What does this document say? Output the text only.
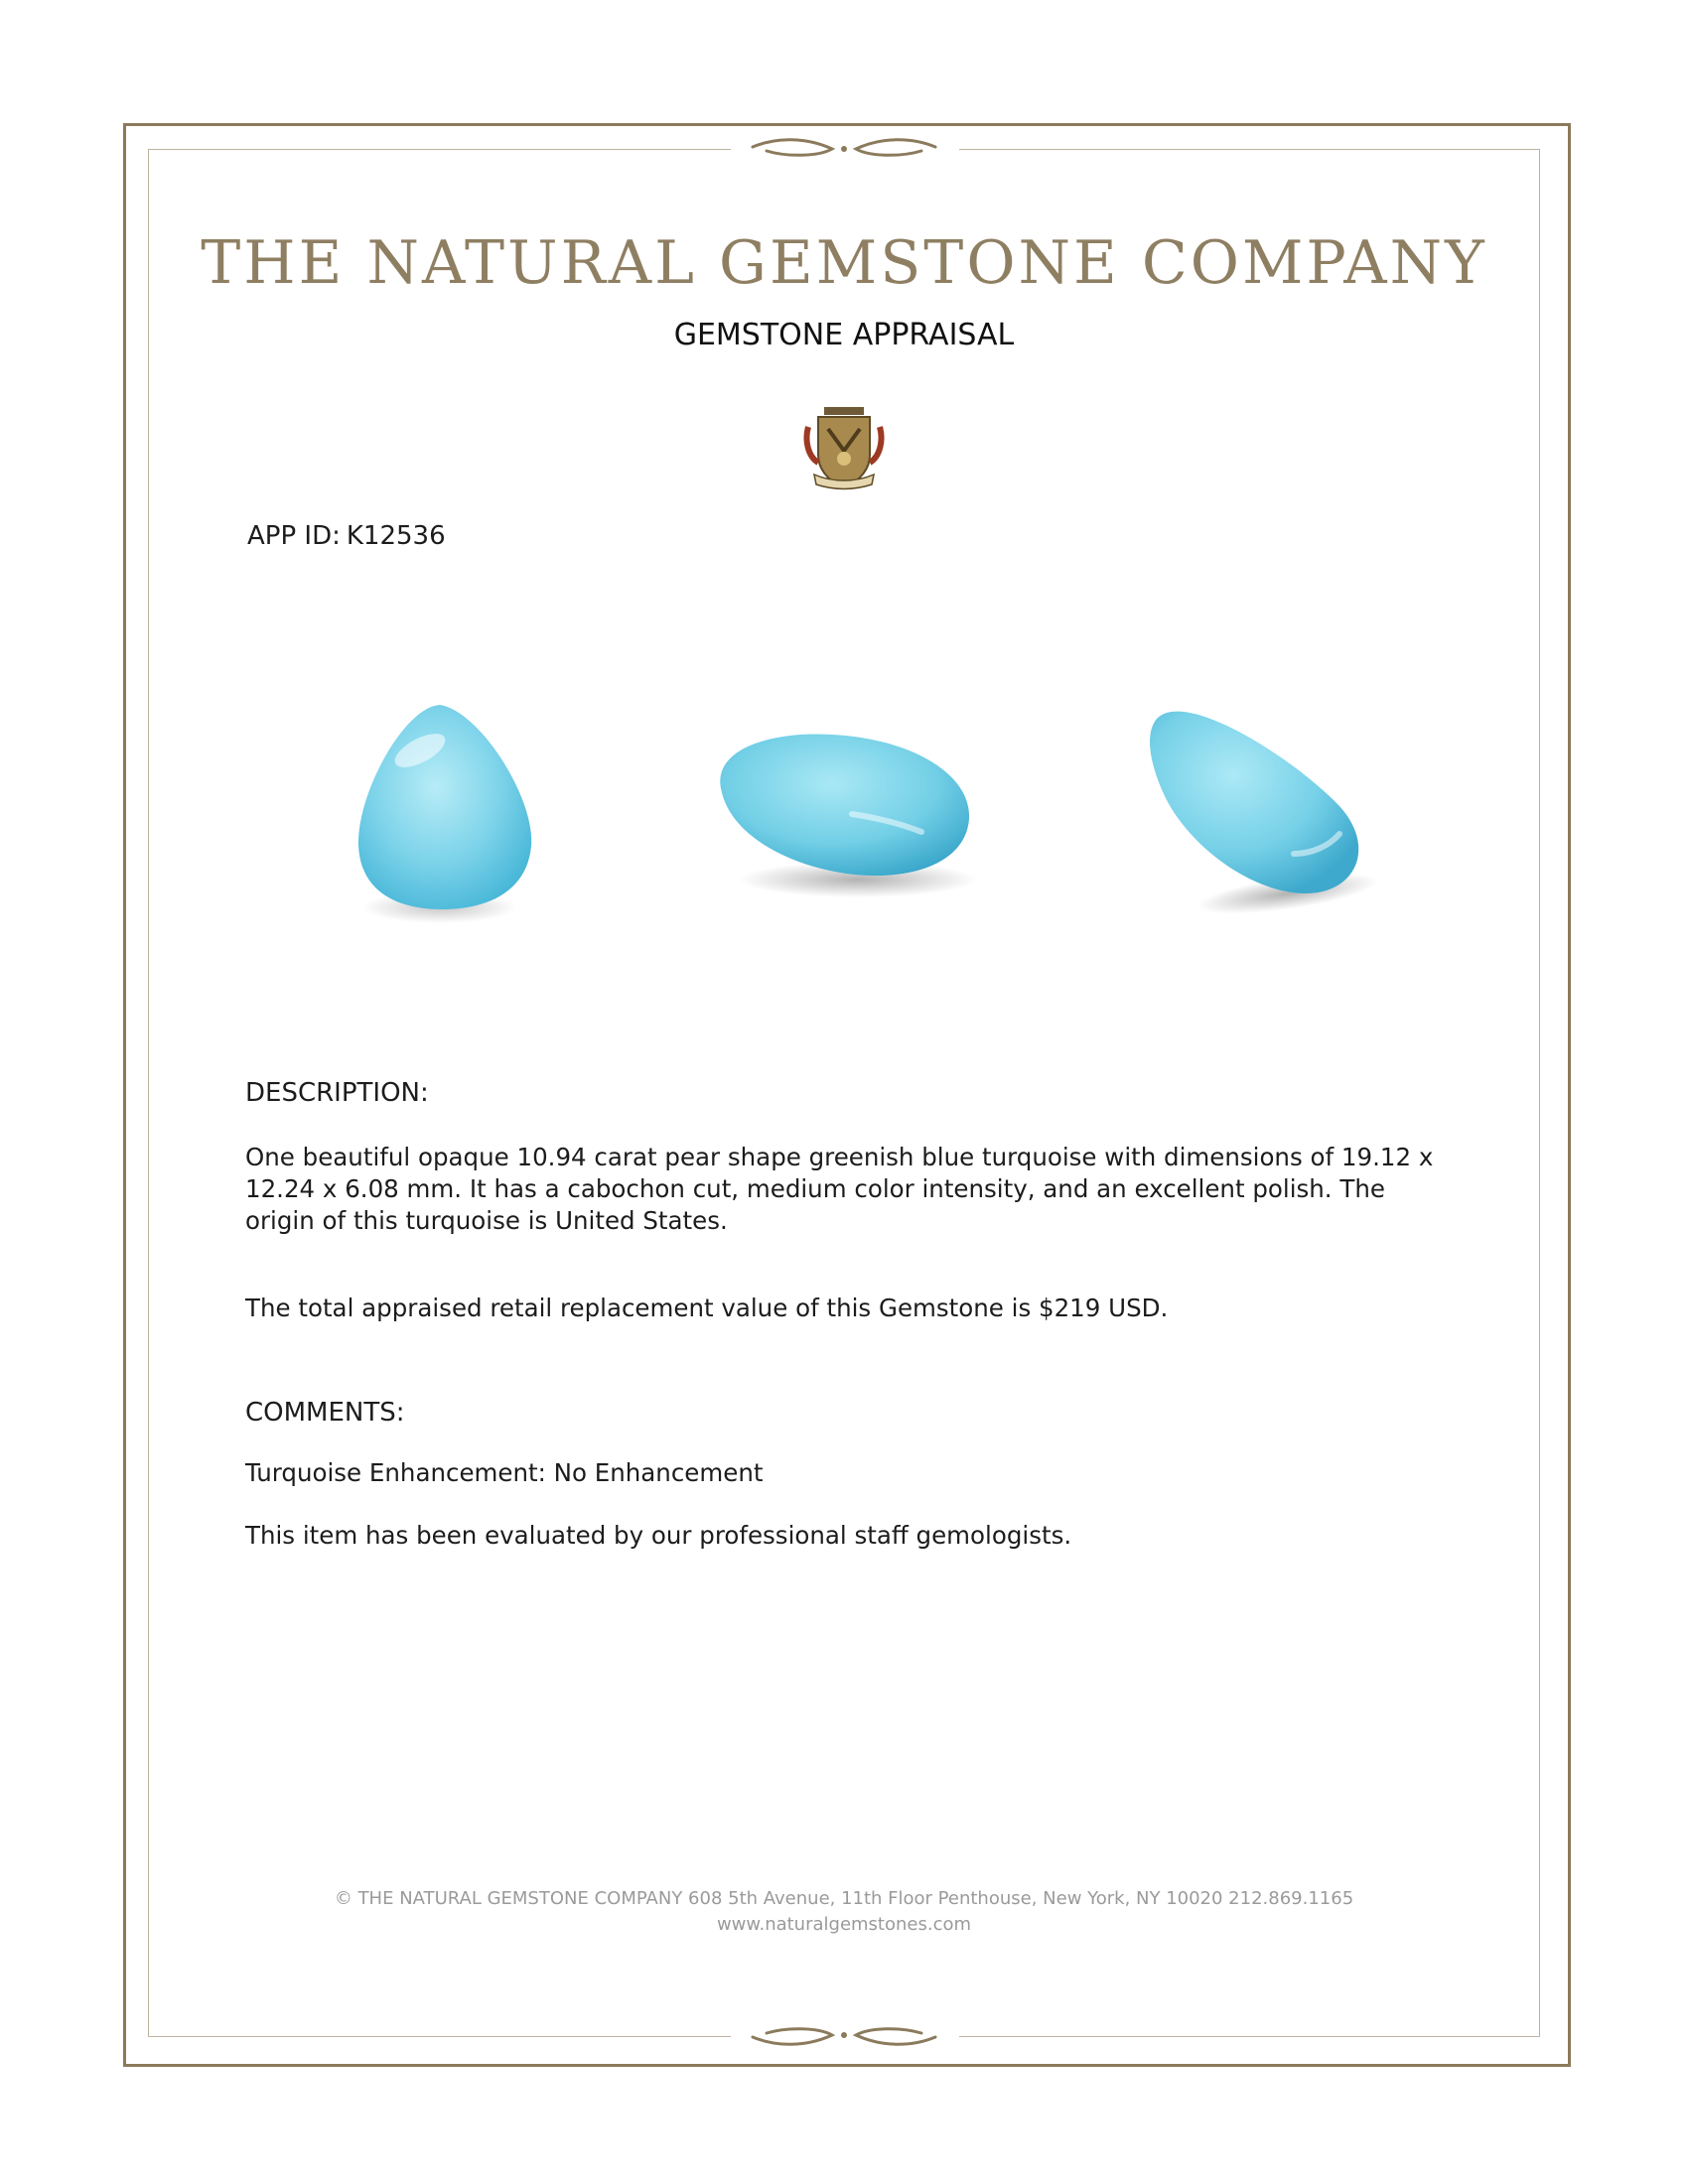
THE NATURAL GEMSTONE COMPANY
GEMSTONE APPRAISAL

APP ID: K12536

DESCRIPTION:

One beautiful opaque 10.94 carat pear shape greenish blue turquoise with dimensions of 19.12 x 12.24 x 6.08 mm. It has a cabochon cut, medium color intensity, and an excellent polish. The origin of this turquoise is United States.

The total appraised retail replacement value of this Gemstone is $219 USD.

COMMENTS:

Turquoise Enhancement: No Enhancement

This item has been evaluated by our professional staff gemologists.

© THE NATURAL GEMSTONE COMPANY 608 5th Avenue, 11th Floor Penthouse, New York, NY 10020 212.869.1165

www.naturalgemstones.com
